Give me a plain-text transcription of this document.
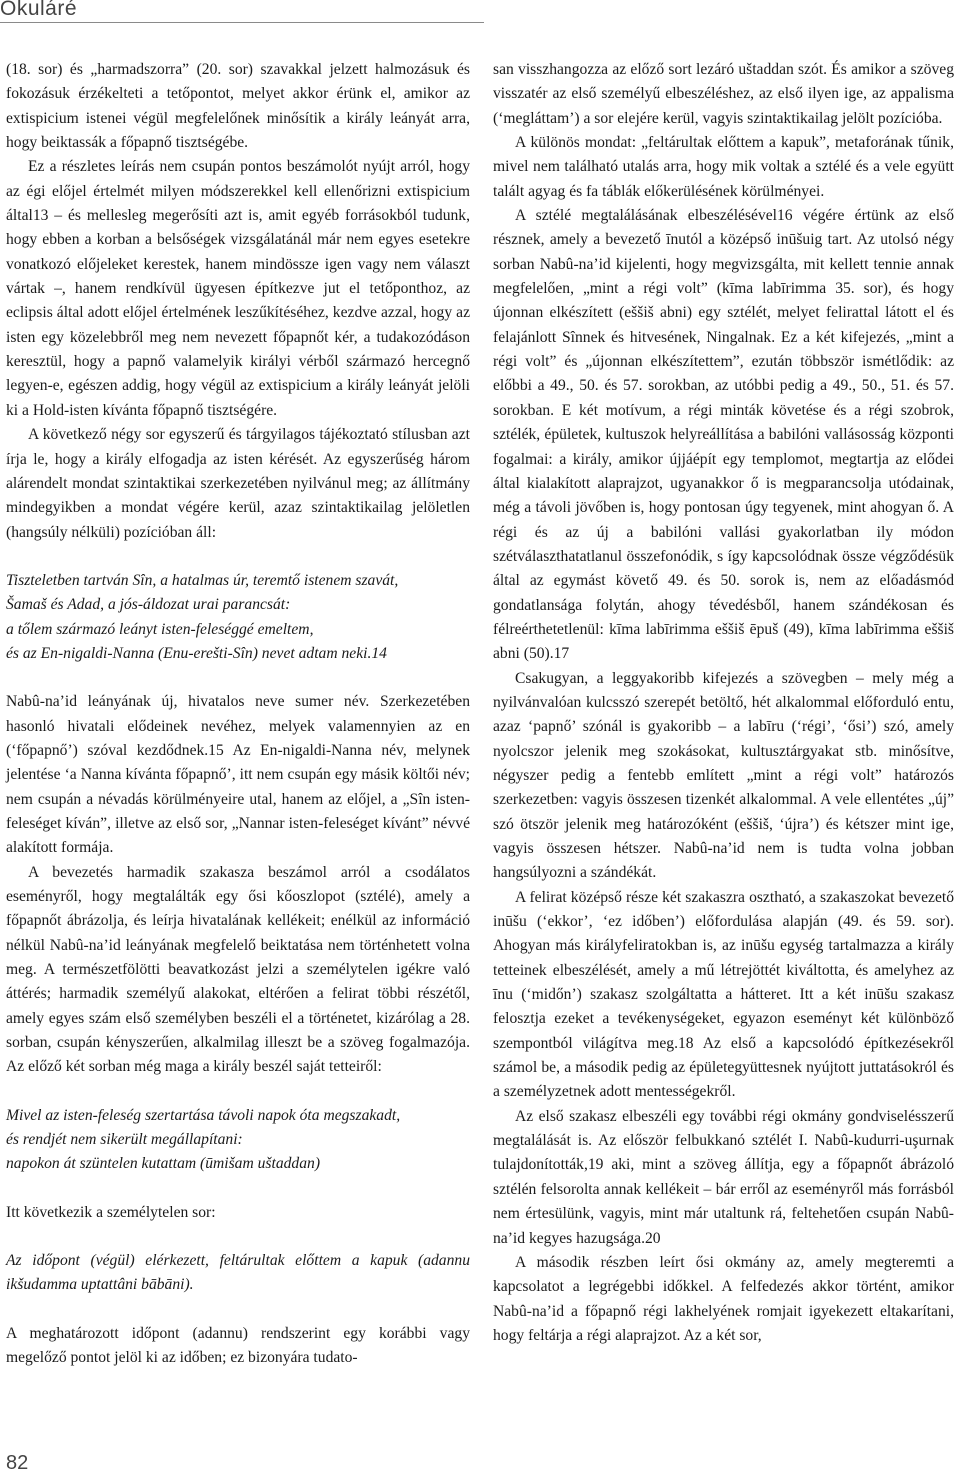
Okuláré

(18. sor) és „harmadszorra” (20. sor) szavakkal jelzett halmozásuk és fokozásuk érzékelteti a tetőpontot, melyet akkor érünk el, amikor az extispicium istenei végül megfelelőnek minősítik a király leányát arra, hogy beiktassák a főpapnő tisztségébe.

Ez a részletes leírás nem csupán pontos beszámolót nyújt arról, hogy az égi előjel értelmét milyen módszerekkel kell ellenőrizni extispicium által13 – és mellesleg megerősíti azt is, amit egyéb forrásokból tudunk, hogy ebben a korban a belsőségek vizsgálatánál már nem egyes esetekre vonatkozó előjeleket kerestek, hanem mindössze igen vagy nem választ vártak –, hanem rendkívül ügyesen építkezve jut el tetőponthoz, az eclipsis által adott előjel értelmének leszűkítéséhez, kezdve azzal, hogy az isten egy közelebbről meg nem nevezett főpapnőt kér, a tudakozódáson keresztül, hogy a papnő valamelyik királyi vérből származó hercegnő legyen-e, egészen addig, hogy végül az extispicium a király leányát jelöli ki a Hold-isten kívánta főpapnő tisztségére.

A következő négy sor egyszerű és tárgyilagos tájékoztató stílusban azt írja le, hogy a király elfogadja az isten kérését. Az egyszerűség három alárendelt mondat szintaktikai szerkezetében nyilvánul meg; az állítmány mindegyikben a mondat végére kerül, azaz szintaktikailag jelöletlen (hangsúly nélküli) pozícióban áll:

Tiszteletben tartván Sîn, a hatalmas úr, teremtő istenem szavát,
Šamaš és Adad, a jós-áldozat urai parancsát:
a tőlem származó leányt isten-feleséggé emeltem,
és az En-nigaldi-Nanna (Enu-erešti-Sîn) nevet adtam neki.14

Nabû-na’id leányának új, hivatalos neve sumer név. Szerkezetében hasonló hivatali elődeinek nevéhez, melyek valamennyien az en (‘főpapnő’) szóval kezdődnek.15 Az En-nigaldi-Nanna név, melynek jelentése ‘a Nanna kívánta főpapnő’, itt nem csupán egy másik költői név; nem csupán a névadás körülményeire utal, hanem az előjel, a „Sîn isten-feleséget kíván”, illetve az első sor, „Nannar isten-feleséget kívánt” névvé alakított formája.

A bevezetés harmadik szakasza beszámol arról a csodálatos eseményről, hogy megtalálták egy ősi kőoszlopot (sztélé), amely a főpapnőt ábrázolja, és leírja hivatalának kellékeit; enélkül az információ nélkül Nabû-na’id leányának megfelelő beiktatása nem történhetett volna meg. A természetfölötti beavatkozást jelzi a személytelen igékre való áttérés; harmadik személyű alakokat, eltérően a felirat többi részétől, amely egyes szám első személyben beszéli el a történetet, kizárólag a 28. sorban, csupán kényszerűen, alkalmilag illeszt be a szöveg fogalmazója. Az előző két sorban még maga a király beszél saját tetteiről:

Mivel az isten-feleség szertartása távoli napok óta megszakadt,
és rendjét nem sikerült megállapítani:
napokon át szüntelen kutattam (ūmišam uštaddan)

Itt következik a személytelen sor:

Az időpont (végül) elérkezett, feltárultak előttem a kapuk (adannu ikšudamma uptattâni bābāni).

A meghatározott időpont (adannu) rendszerint egy korábbi vagy megelőző pontot jelöl ki az időben; ez bizonyára tudato-

san visszhangozza az előző sort lezáró uštaddan szót. És amikor a szöveg visszatér az első személyű elbeszéléshez, az első ilyen ige, az appalisma (‘megláttam’) a sor elejére kerül, vagyis szintaktikailag jelölt pozícióba.

A különös mondat: „feltárultak előttem a kapuk”, metaforának tűnik, mivel nem található utalás arra, hogy mik voltak a sztélé és a vele együtt talált agyag és fa táblák előkerülésének körülményei.

A sztélé megtalálásának elbeszélésével16 végére értünk az első résznek, amely a bevezető īnutól a középső inūšuig tart. Az utolsó négy sorban Nabû-na’id kijelenti, hogy megvizsgálta, mit kellett tennie annak megfelelően, „mint a régi volt” (kīma labīrimma 35. sor), és hogy újonnan elkészített (eššiš abni) egy sztélét, melyet felirattal látott el és felajánlott Sînnek és hitvesének, Ningalnak. Ez a két kifejezés, „mint a régi volt” és „újonnan elkészítettem”, ezután többször ismétlődik: az előbbi a 49., 50. és 57. sorokban, az utóbbi pedig a 49., 50., 51. és 57. sorokban. E két motívum, a régi minták követése és a régi szobrok, sztélék, épületek, kultuszok helyreállítása a babilóni vallásosság központi fogalmai: a király, amikor újjáépít egy templomot, megtartja az elődei által kialakított alaprajzot, ugyanakkor ő is megparancsolja utódainak, még a távoli jövőben is, hogy pontosan úgy tegyenek, mint ahogyan ő. A régi és az új a babilóni vallási gyakorlatban ily módon szétválaszthatatlanul összefonódik, s így kapcsolódnak össze végződésük által az egymást követő 49. és 50. sorok is, nem az előadásmód gondatlansága folytán, ahogy tévedésből, hanem szándékosan és félreérthetetlenül: kīma labīrimma eššiš ēpuš (49), kīma labīrimma eššiš abni (50).17

Csakugyan, a leggyakoribb kifejezés a szövegben – mely még a nyilvánvalóan kulcsszó szerepét betöltő, hét alkalommal előforduló entu, azaz ‘papnő’ szónál is gyakoribb – a labīru (‘régi’, ‘ősi’) szó, amely nyolcszor jelenik meg szokásokat, kultusztárgyakat stb. minősítve, négyszer pedig a fentebb említett „mint a régi volt” határozós szerkezetben: vagyis összesen tizenkét alkalommal. A vele ellentétes „új” szó ötször jelenik meg határozóként (eššiš, ‘újra’) és kétszer mint ige, vagyis összesen hétszer. Nabû-na’id nem is tudta volna jobban hangsúlyozni a szándékát.

A felirat középső része két szakaszra osztható, a szakaszokat bevezető inūšu (‘ekkor’, ‘ez időben’) előfordulása alapján (49. és 59. sor). Ahogyan más királyfeliratokban is, az inūšu egység tartalmazza a király tetteinek elbeszélését, amely a mű létrejöttét kiváltotta, és amelyhez az īnu (‘midőn’) szakasz szolgáltatta a hátteret. Itt a két inūšu szakasz felosztja ezeket a tevékenységeket, egyazon eseményt két különböző szempontból világítva meg.18 Az első a kapcsolódó építkezésekről számol be, a második pedig az épületegyüttesnek nyújtott juttatásokról és a személyzetnek adott mentességekről.

Az első szakasz elbeszéli egy további régi okmány gondviselésszerű megtalálását is. Az először felbukkanó sztélét I. Nabû-kudurri-uşurnak tulajdonították,19 aki, mint a szöveg állítja, egy a főpapnőt ábrázoló sztélén felsorolta annak kellékeit – bár erről az eseményről más forrásból nem értesülünk, vagyis, mint már utaltunk rá, feltehetően csupán Nabû-na’id kegyes hazugsága.20

A második részben leírt ősi okmány az, amely megteremti a kapcsolatot a legrégebbi időkkel. A felfedezés akkor történt, amikor Nabû-na’id a főpapnő régi lakhelyének romjait igyekezett eltakarítani, hogy feltárja a régi alaprajzot. Az a két sor,

82
